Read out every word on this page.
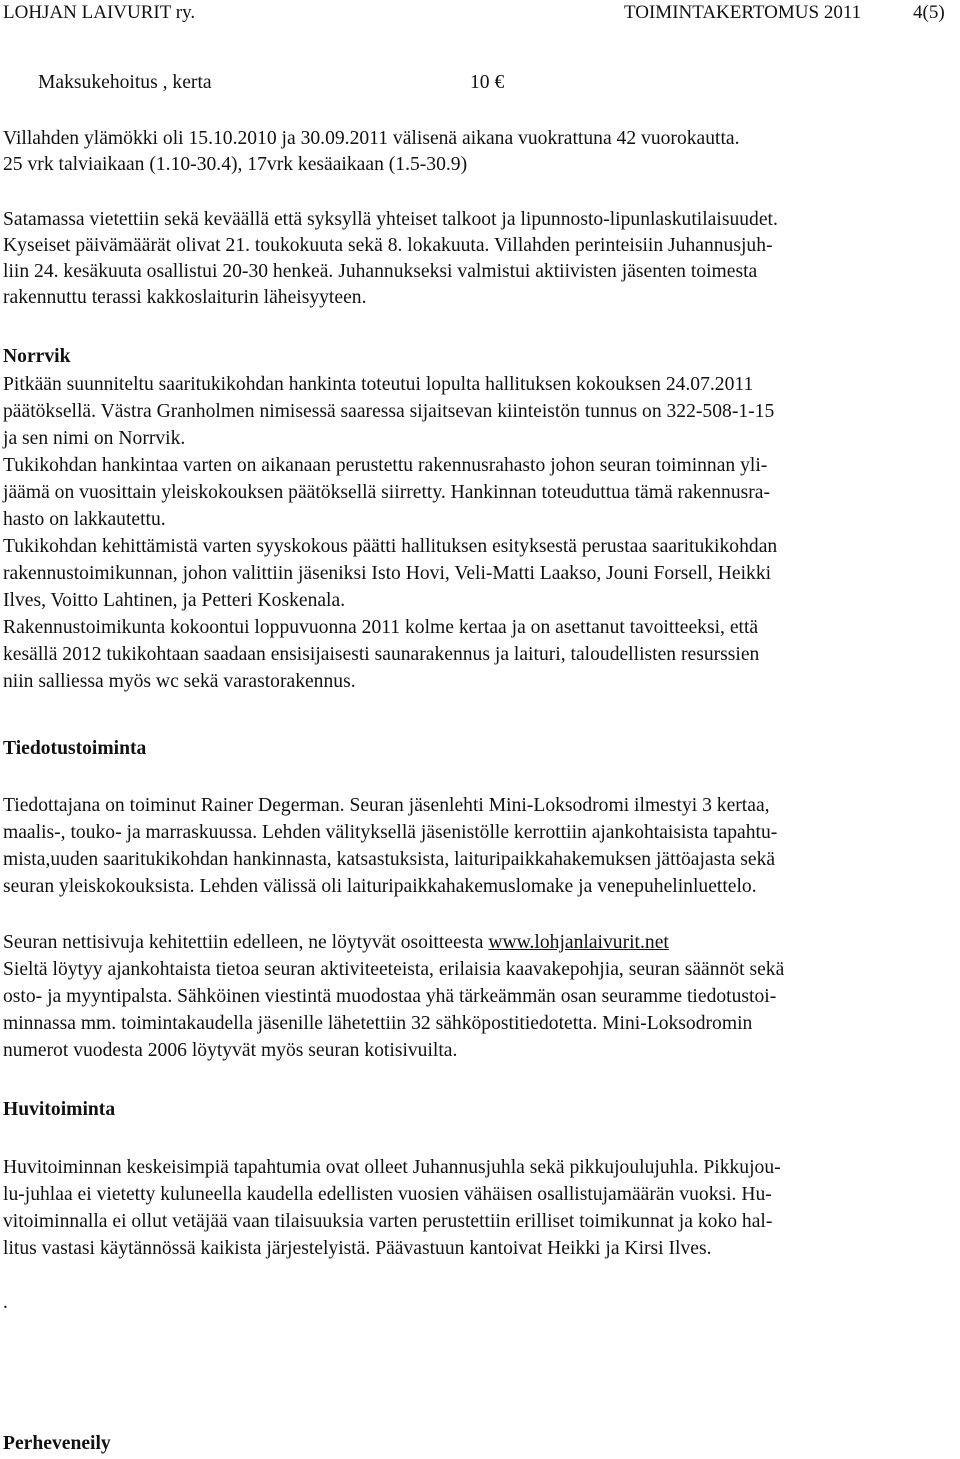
LOHJAN LAIVURIT ry.	TOIMINTAKERTOMUS 2011	4(5)
Maksukehoitus , kerta	10 €
Villahden ylämökki oli 15.10.2010 ja 30.09.2011 välisenä aikana vuokrattuna 42 vuorokautta.
25 vrk talviaikaan (1.10-30.4), 17vrk kesäaikaan (1.5-30.9)
Satamassa vietettiin sekä keväällä että syksyllä yhteiset talkoot ja lipunnosto-lipunlaskutilaisuudet.
Kyseiset päivämäärät olivat 21. toukokuuta sekä 8. lokakuuta. Villahden perinteisiin Juhannusjuh-
liin 24. kesäkuuta osallistui 20-30 henkeä. Juhannukseksi valmistui aktiivisten jäsenten toimesta
rakennuttu terassi kakkoslaiturin läheisyyteen.
Norrvik
Pitkään suunniteltu saaritukikohdan hankinta toteutui lopulta hallituksen kokouksen 24.07.2011
päätöksellä. Västra Granholmen nimisessä saaressa sijaitsevan kiinteistön tunnus on 322-508-1-15
ja sen nimi on Norrvik.
Tukikohdan hankintaa varten on aikanaan perustettu rakennusrahasto johon seuran toiminnan yli-
jäämä on vuosittain yleiskokouksen päätöksellä siirretty. Hankinnan toteuduttua tämä rakennusra-
hasto on lakkautettu.
Tukikohdan kehittämistä varten syyskokous päätti hallituksen esityksestä perustaa saaritukikohdan
rakennustoimikunnan, johon valittiin jäseniksi Isto Hovi, Veli-Matti Laakso, Jouni Forsell, Heikki
Ilves, Voitto Lahtinen, ja Petteri Koskenala.
Rakennustoimikunta kokoontui loppuvuonna 2011 kolme kertaa ja on asettanut tavoitteeksi, että
kesällä 2012 tukikohtaan saadaan ensisijaisesti saunarakennus ja laituri, taloudellisten resurssien
niin salliessa myös wc sekä varastorakennus.
Tiedotustoiminta
Tiedottajana on toiminut Rainer Degerman. Seuran jäsenlehti Mini-Loksodromi ilmestyi 3 kertaa,
maalis-, touko- ja marraskuussa. Lehden välityksellä jäsenistölle kerrottiin ajankohtaisista tapahtu-
mista,uuden saaritukikohdan hankinnasta, katsastuksista, laituripaikkahakemuksen jättöajasta sekä
seuran yleiskokouksista. Lehden välissä oli laituripaikkahakemuslomake ja venepuhelinluettelo.
Seuran nettisivuja kehitettiin edelleen, ne löytyvät osoitteesta www.lohjanlaivurit.net
Sieltä löytyy ajankohtaista tietoa seuran aktiviteeteista, erilaisia kaavakepohjia, seuran säännöt sekä
osto- ja myyntipalsta. Sähköinen viestintä muodostaa yhä tärkeämmän osan seuramme tiedotustoi-
minnassa mm. toimintakaudella jäsenille lähetettiin 32 sähköpostitiedotetta. Mini-Loksodromin
numerot vuodesta 2006 löytyvät myös seuran kotisivuilta.
Huvitoiminta
Huvitoiminnan keskeisimpiä tapahtumia ovat olleet Juhannusjuhla sekä pikkujoulujuhla. Pikkujou-
lu-juhlaa ei vietetty kuluneella kaudella edellisten vuosien vähäisen osallistujamäärän vuoksi. Hu-
vitoiminnalla ei ollut vetäjää vaan tilaisuuksia varten perustettiin erilliset toimikunnat ja koko hal-
litus vastasi käytännössä kaikista järjestelyistä. Päävastuun kantoivat Heikki ja Kirsi Ilves.
.
Perheveneily
